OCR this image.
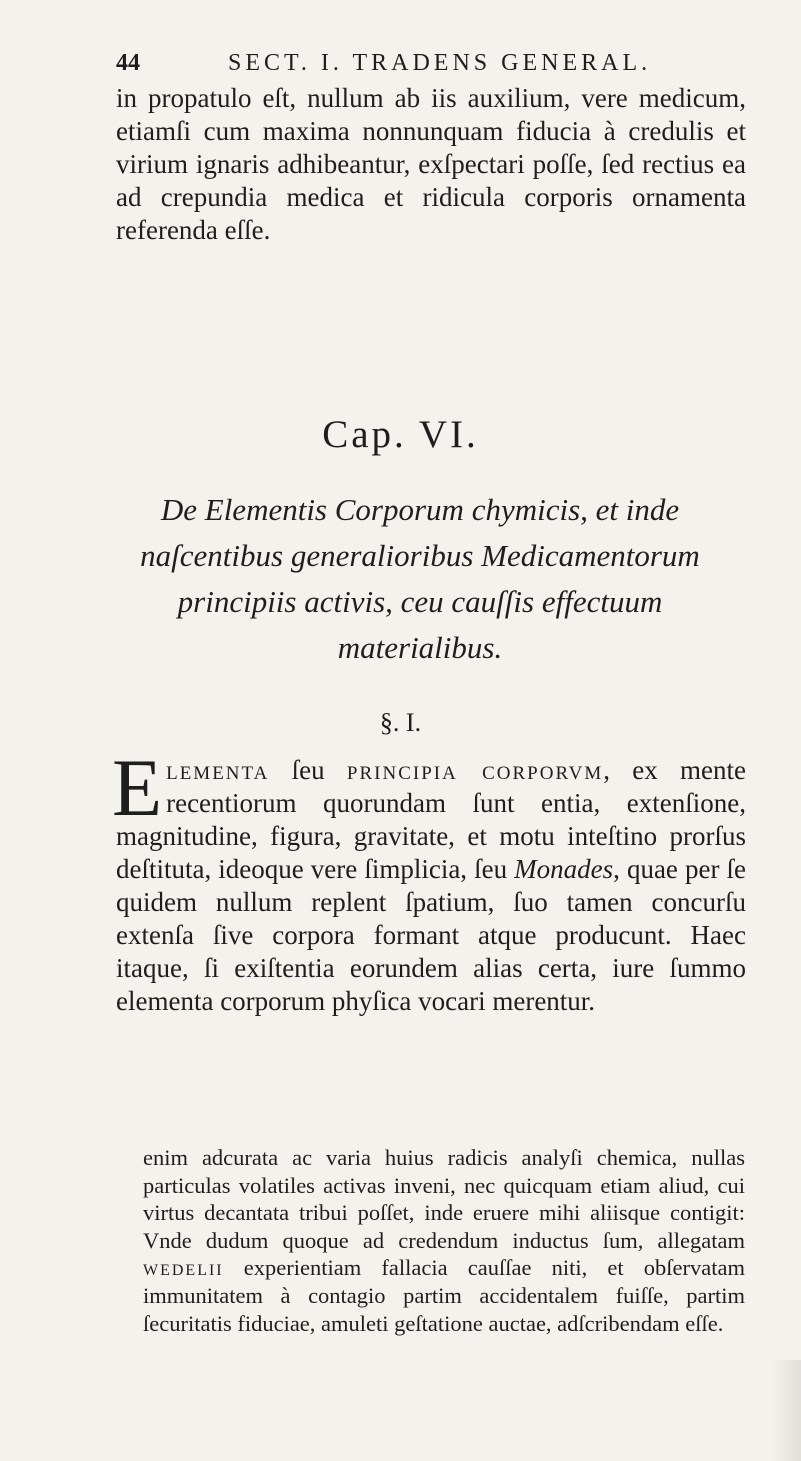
44	SECT. I. TRADENS GENERAL.
in propatulo eſt, nullum ab iis auxilium, vere medicum, etiamſi cum maxima nonnunquam fiducia à credulis et virium ignaris adhibeantur, exſpectari poſſe, ſed rectius ea ad crepundia medica et ridicula corporis ornamenta referenda eſſe.
Cap. VI.
De Elementis Corporum chymicis, et inde naſcentibus generalioribus Medicamentorum principiis activis, ceu cauſſis effectuum materialibus.
§. I.
Elementa ſeu principia corporvm, ex mente recentiorum quorundam ſunt entia, extenſione, magnitudine, figura, gravitate, et motu inteſtino prorſus deſtituta, ideoque vere ſimplicia, ſeu Monades, quae per ſe quidem nullum replent ſpatium, ſuo tamen concurſu extenſa ſive corpora formant atque producunt. Haec itaque, ſi exiſtentia eorundem alias certa, iure ſummo elementa corporum phyſica vocari merentur.
enim adcurata ac varia huius radicis analyſi chemica, nullas particulas volatiles activas inveni, nec quicquam etiam aliud, cui virtus decantata tribui poſſet, inde eruere mihi aliisque contigit: Vnde dudum quoque ad credendum inductus ſum, allegatam wedelii experientiam fallacia cauſſae niti, et obſervatam immunitatem à contagio partim accidentalem fuiſſe, partim ſecuritatis fiduciae, amuleti geſtatione auctae, adſcribendam eſſe.
